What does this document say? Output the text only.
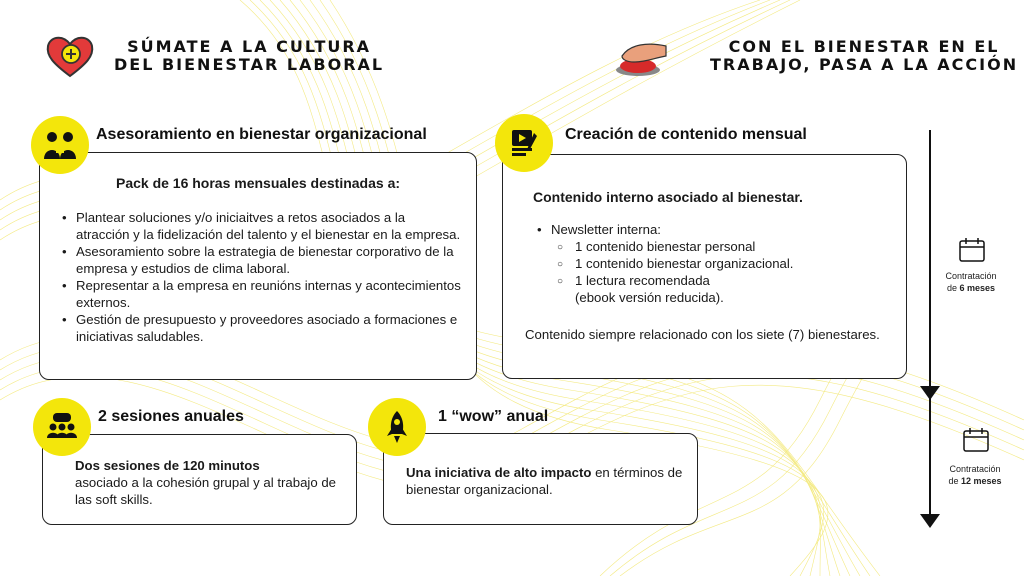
SÚMATE A LA CULTURA
DEL BIENESTAR LABORAL
CON EL BIENESTAR EN EL
TRABAJO, PASA A LA ACCIÓN
Asesoramiento en bienestar organizacional
Pack de 16 horas mensuales destinadas a:
• Plantear soluciones y/o iniciaitves a retos asociados a la atracción y la fidelización del talento y el bienestar en la empresa.
• Asesoramiento sobre la estrategia de bienestar corporativo de la empresa y estudios de clima laboral.
• Representar a la empresa en reunións internas y acontecimientos externos.
• Gestión de presupuesto y proveedores asociado a formaciones e iniciativas saludables.
Creación de contenido mensual
Contenido interno asociado al bienestar.
• Newsletter interna:
○ 1 contenido bienestar personal
○ 1 contenido bienestar organizacional.
○ 1 lectura recomendada
(ebook versión reducida).
Contenido siempre relacionado con los siete (7) bienestares.
2 sesiones anuales
Dos sesiones de 120 minutos
asociado a la cohesión grupal y al trabajo de las soft skills.
1 “wow” anual
Una iniciativa de alto impacto en términos de bienestar organizacional.
Contratación
de 6 meses
Contratación
de 12 meses
